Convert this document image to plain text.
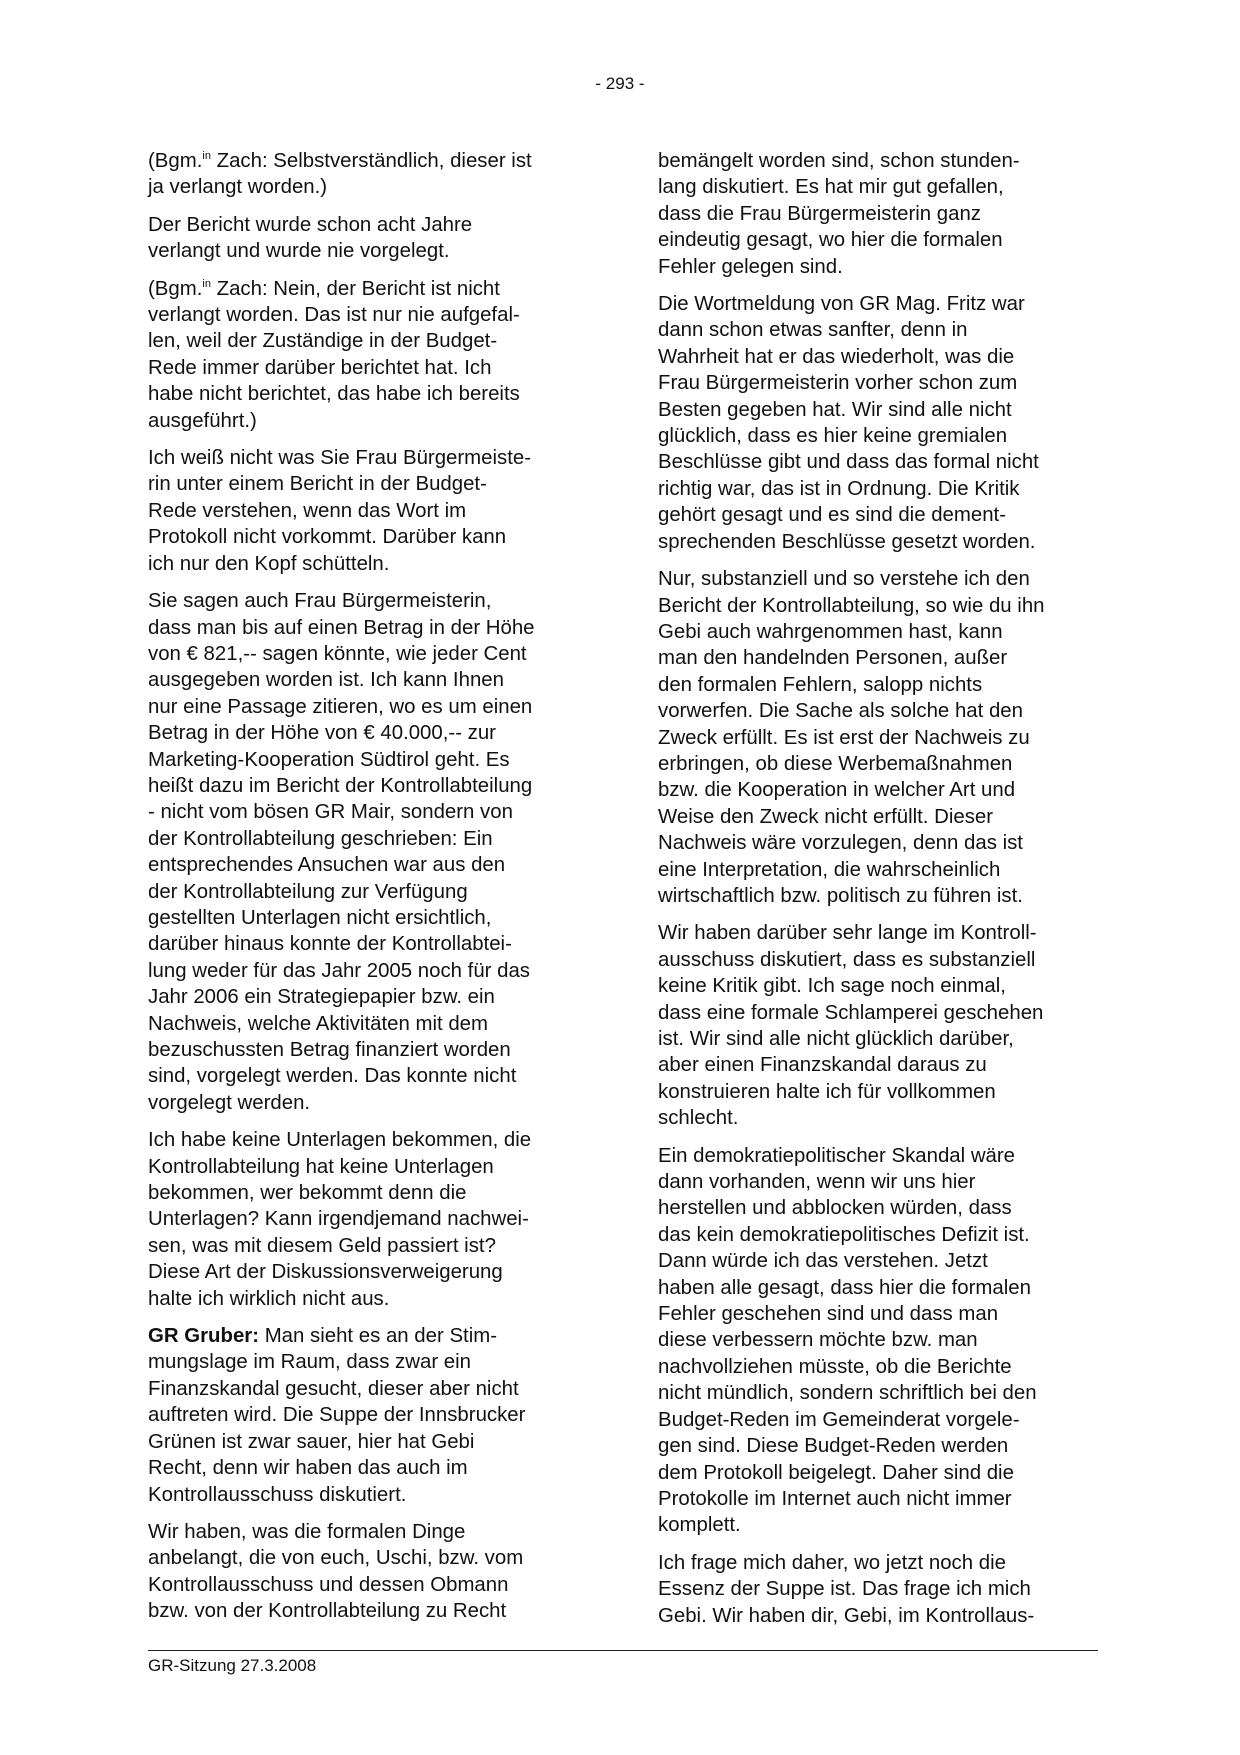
- 293 -

(Bgm.$^{in}$ Zach: Selbstverständlich, dieser ist
ja verlangt worden.)

Der Bericht wurde schon acht Jahre
verlangt und wurde nie vorgelegt.

(Bgm.$^{in}$ Zach: Nein, der Bericht ist nicht
verlangt worden. Das ist nur nie aufgefal-
len, weil der Zuständige in der Budget-
Rede immer darüber berichtet hat. Ich
habe nicht berichtet, das habe ich bereits
ausgeführt.)

Ich weiß nicht was Sie Frau Bürgermeiste-
rin unter einem Bericht in der Budget-
Rede verstehen, wenn das Wort im
Protokoll nicht vorkommt. Darüber kann
ich nur den Kopf schütteln.

Sie sagen auch Frau Bürgermeisterin,
dass man bis auf einen Betrag in der Höhe
von € 821,-- sagen könnte, wie jeder Cent
ausgegeben worden ist. Ich kann Ihnen
nur eine Passage zitieren, wo es um einen
Betrag in der Höhe von € 40.000,-- zur
Marketing-Kooperation Südtirol geht. Es
heißt dazu im Bericht der Kontrollabteilung
- nicht vom bösen GR Mair, sondern von
der Kontrollabteilung geschrieben: Ein
entsprechendes Ansuchen war aus den
der Kontrollabteilung zur Verfügung
gestellten Unterlagen nicht ersichtlich,
darüber hinaus konnte der Kontrollabtei-
lung weder für das Jahr 2005 noch für das
Jahr 2006 ein Strategiepapier bzw. ein
Nachweis, welche Aktivitäten mit dem
bezuschussten Betrag finanziert worden
sind, vorgelegt werden. Das konnte nicht
vorgelegt werden.

Ich habe keine Unterlagen bekommen, die
Kontrollabteilung hat keine Unterlagen
bekommen, wer bekommt denn die
Unterlagen? Kann irgendjemand nachwei-
sen, was mit diesem Geld passiert ist?
Diese Art der Diskussionsverweigerung
halte ich wirklich nicht aus.

GR Gruber: Man sieht es an der Stim-
mungslage im Raum, dass zwar ein
Finanzskandal gesucht, dieser aber nicht
auftreten wird. Die Suppe der Innsbrucker
Grünen ist zwar sauer, hier hat Gebi
Recht, denn wir haben das auch im
Kontrollausschuss diskutiert.

Wir haben, was die formalen Dinge
anbelangt, die von euch, Uschi, bzw. vom
Kontrollausschuss und dessen Obmann
bzw. von der Kontrollabteilung zu Recht

bemängelt worden sind, schon stunden-
lang diskutiert. Es hat mir gut gefallen,
dass die Frau Bürgermeisterin ganz
eindeutig gesagt, wo hier die formalen
Fehler gelegen sind.

Die Wortmeldung von GR Mag. Fritz war
dann schon etwas sanfter, denn in
Wahrheit hat er das wiederholt, was die
Frau Bürgermeisterin vorher schon zum
Besten gegeben hat. Wir sind alle nicht
glücklich, dass es hier keine gremialen
Beschlüsse gibt und dass das formal nicht
richtig war, das ist in Ordnung. Die Kritik
gehört gesagt und es sind die dement-
sprechenden Beschlüsse gesetzt worden.

Nur, substanziell und so verstehe ich den
Bericht der Kontrollabteilung, so wie du ihn
Gebi auch wahrgenommen hast, kann
man den handelnden Personen, außer
den formalen Fehlern, salopp nichts
vorwerfen. Die Sache als solche hat den
Zweck erfüllt. Es ist erst der Nachweis zu
erbringen, ob diese Werbemaßnahmen
bzw. die Kooperation in welcher Art und
Weise den Zweck nicht erfüllt. Dieser
Nachweis wäre vorzulegen, denn das ist
eine Interpretation, die wahrscheinlich
wirtschaftlich bzw. politisch zu führen ist.

Wir haben darüber sehr lange im Kontroll-
ausschuss diskutiert, dass es substanziell
keine Kritik gibt. Ich sage noch einmal,
dass eine formale Schlamperei geschehen
ist. Wir sind alle nicht glücklich darüber,
aber einen Finanzskandal daraus zu
konstruieren halte ich für vollkommen
schlecht.

Ein demokratiepolitischer Skandal wäre
dann vorhanden, wenn wir uns hier
herstellen und abblocken würden, dass
das kein demokratiepolitisches Defizit ist.
Dann würde ich das verstehen. Jetzt
haben alle gesagt, dass hier die formalen
Fehler geschehen sind und dass man
diese verbessern möchte bzw. man
nachvollziehen müsste, ob die Berichte
nicht mündlich, sondern schriftlich bei den
Budget-Reden im Gemeinderat vorgele-
gen sind. Diese Budget-Reden werden
dem Protokoll beigelegt. Daher sind die
Protokolle im Internet auch nicht immer
komplett.

Ich frage mich daher, wo jetzt noch die
Essenz der Suppe ist. Das frage ich mich
Gebi. Wir haben dir, Gebi, im Kontrollaus-

GR-Sitzung 27.3.2008
